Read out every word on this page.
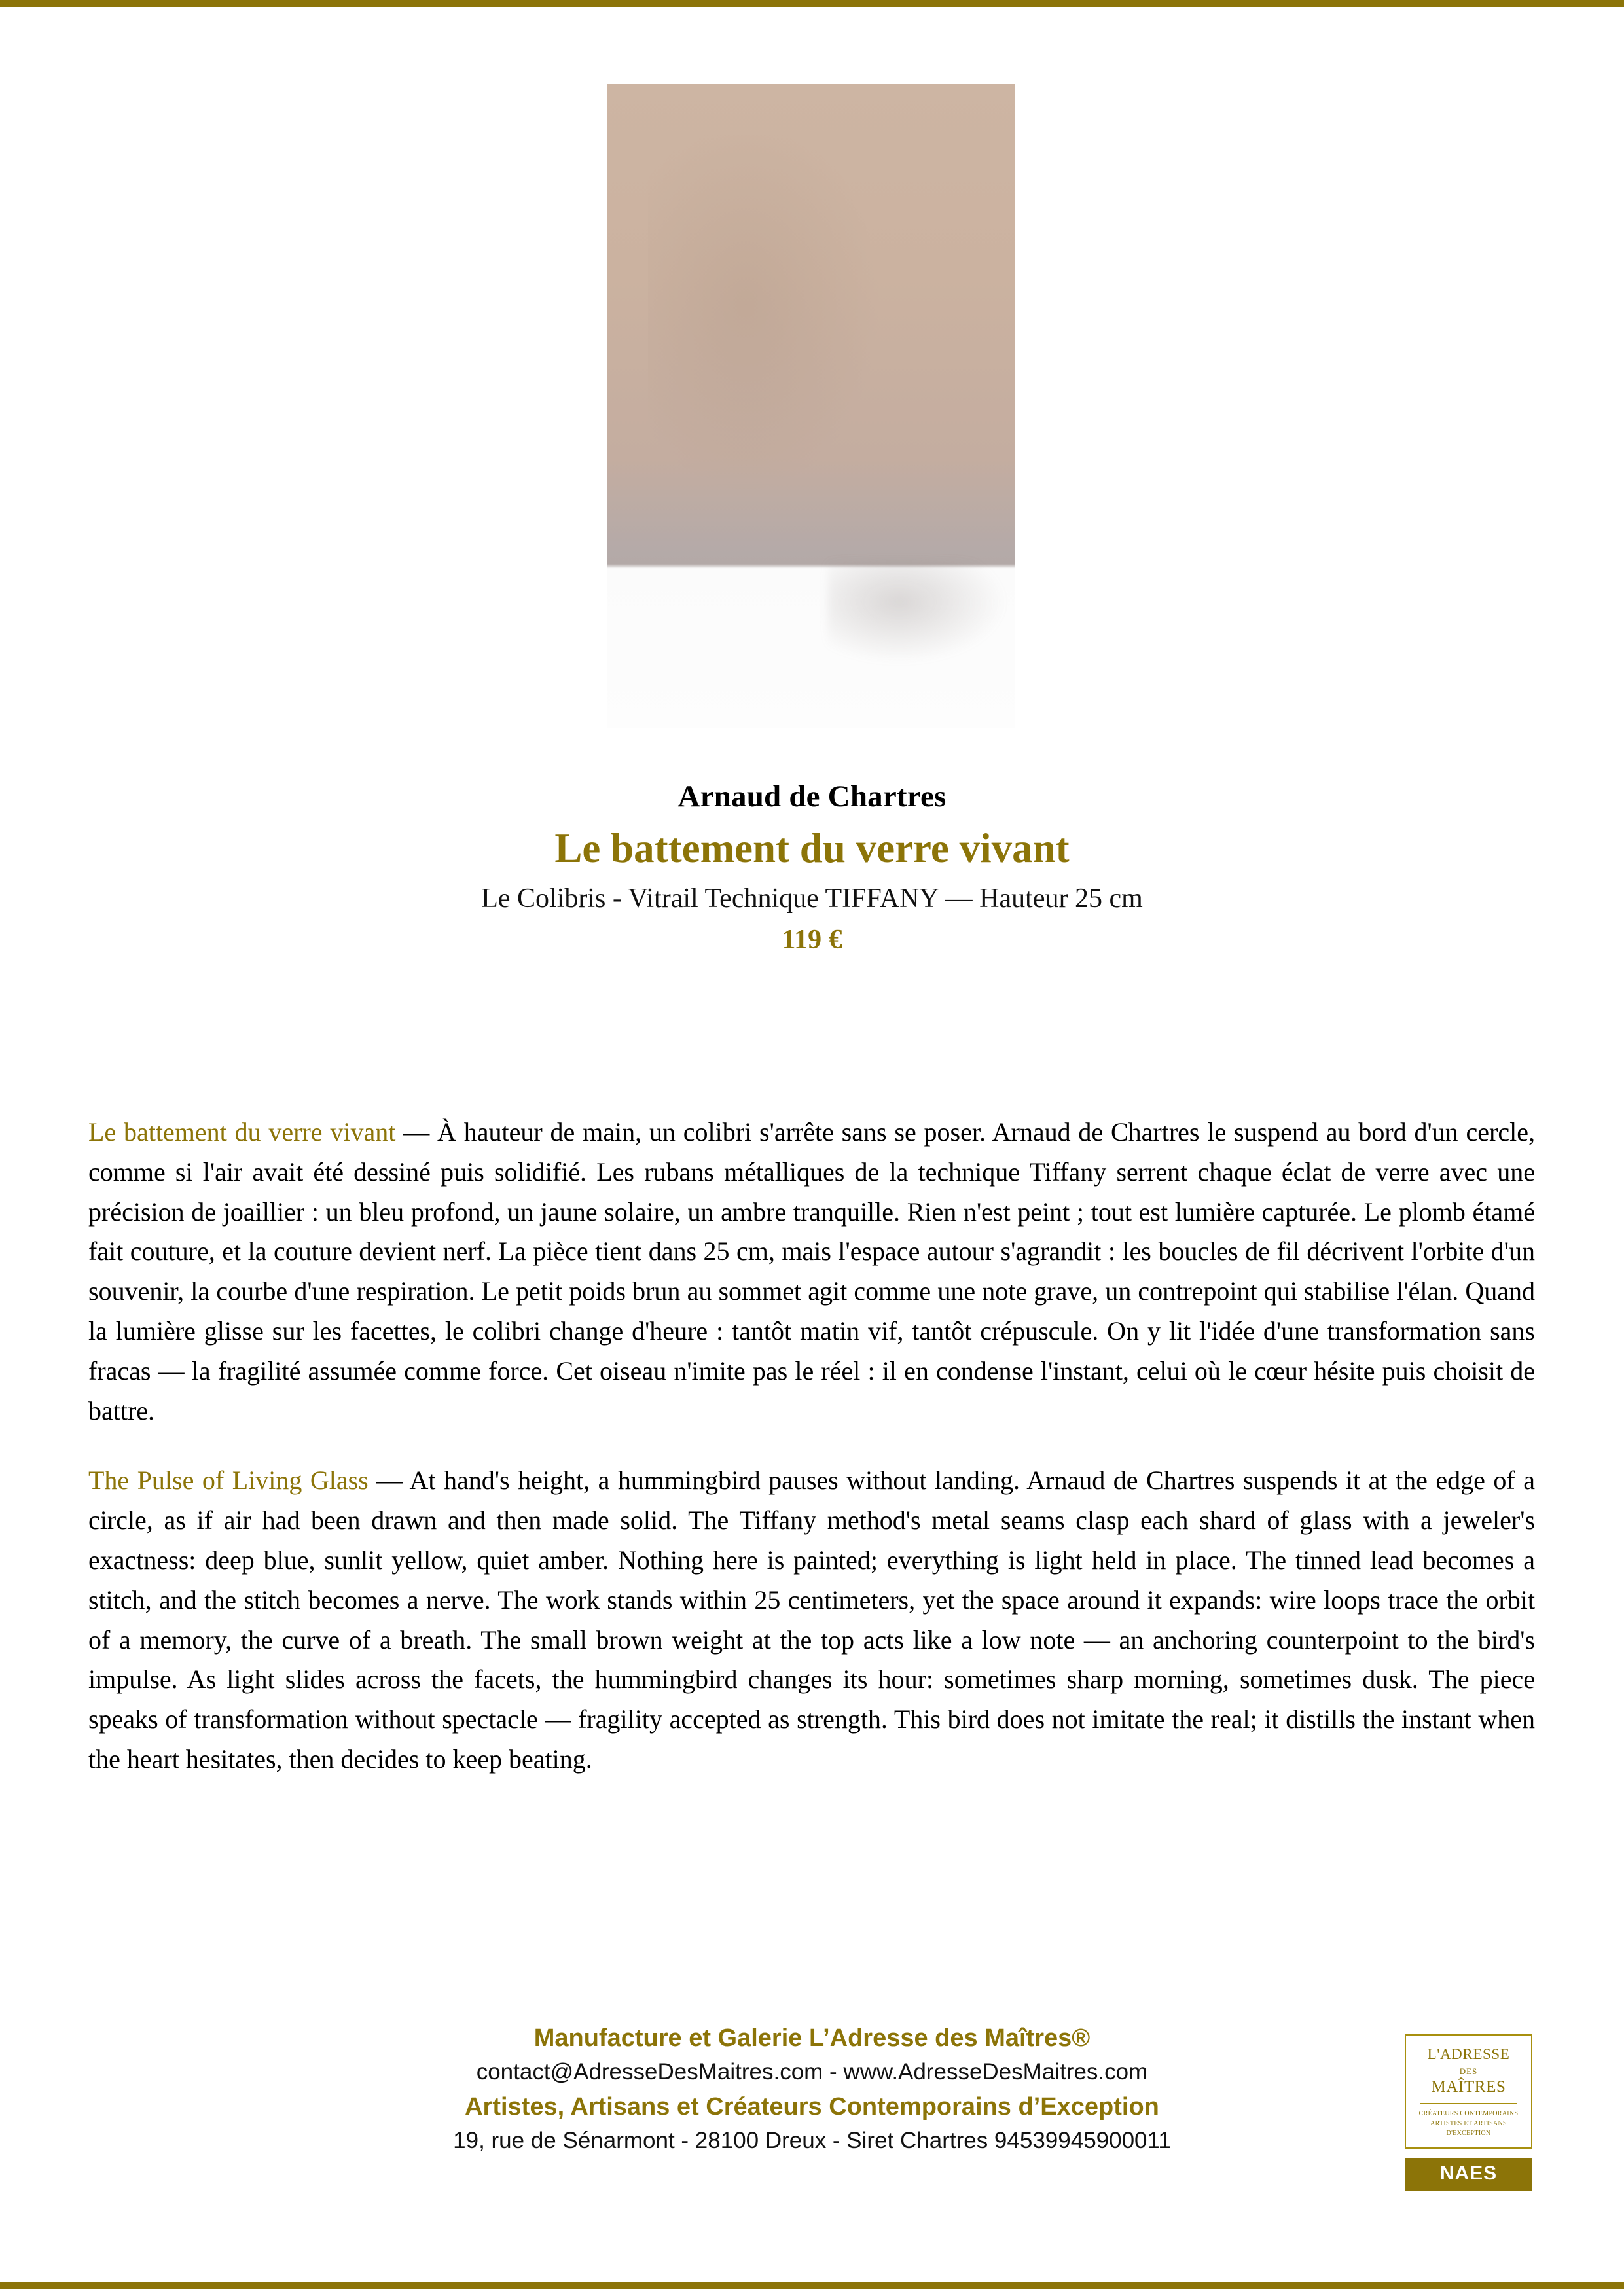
Arnaud de Chartres
Le battement du verre vivant
Le Colibris - Vitrail Technique TIFFANY — Hauteur 25 cm
119 €

Le battement du verre vivant — À hauteur de main, un colibri s'arrête sans se poser. Arnaud de Chartres le suspend au bord d'un cercle, comme si l'air avait été dessiné puis solidifié. Les rubans métalliques de la technique Tiffany serrent chaque éclat de verre avec une précision de joaillier : un bleu profond, un jaune solaire, un ambre tranquille. Rien n'est peint ; tout est lumière capturée. Le plomb étamé fait couture, et la couture devient nerf. La pièce tient dans 25 cm, mais l'espace autour s'agrandit : les boucles de fil décrivent l'orbite d'un souvenir, la courbe d'une respiration. Le petit poids brun au sommet agit comme une note grave, un contrepoint qui stabilise l'élan. Quand la lumière glisse sur les facettes, le colibri change d'heure : tantôt matin vif, tantôt crépuscule. On y lit l'idée d'une transformation sans fracas — la fragilité assumée comme force. Cet oiseau n'imite pas le réel : il en condense l'instant, celui où le cœur hésite puis choisit de battre.

The Pulse of Living Glass — At hand's height, a hummingbird pauses without landing. Arnaud de Chartres suspends it at the edge of a circle, as if air had been drawn and then made solid. The Tiffany method's metal seams clasp each shard of glass with a jeweler's exactness: deep blue, sunlit yellow, quiet amber. Nothing here is painted; everything is light held in place. The tinned lead becomes a stitch, and the stitch becomes a nerve. The work stands within 25 centimeters, yet the space around it expands: wire loops trace the orbit of a memory, the curve of a breath. The small brown weight at the top acts like a low note — an anchoring counterpoint to the bird's impulse. As light slides across the facets, the hummingbird changes its hour: sometimes sharp morning, sometimes dusk. The piece speaks of transformation without spectacle — fragility accepted as strength. This bird does not imitate the real; it distills the instant when the heart hesitates, then decides to keep beating.

Manufacture et Galerie L’Adresse des Maîtres®
contact@AdresseDesMaitres.com - www.AdresseDesMaitres.com
Artistes, Artisans et Créateurs Contemporains d’Exception
19, rue de Sénarmont - 28100 Dreux - Siret Chartres 94539945900011
L'ADRESSE
DES
MAÎTRES
CRÉATEURS CONTEMPORAINS
ARTISTES ET ARTISANS
D'EXCEPTION
NAES
